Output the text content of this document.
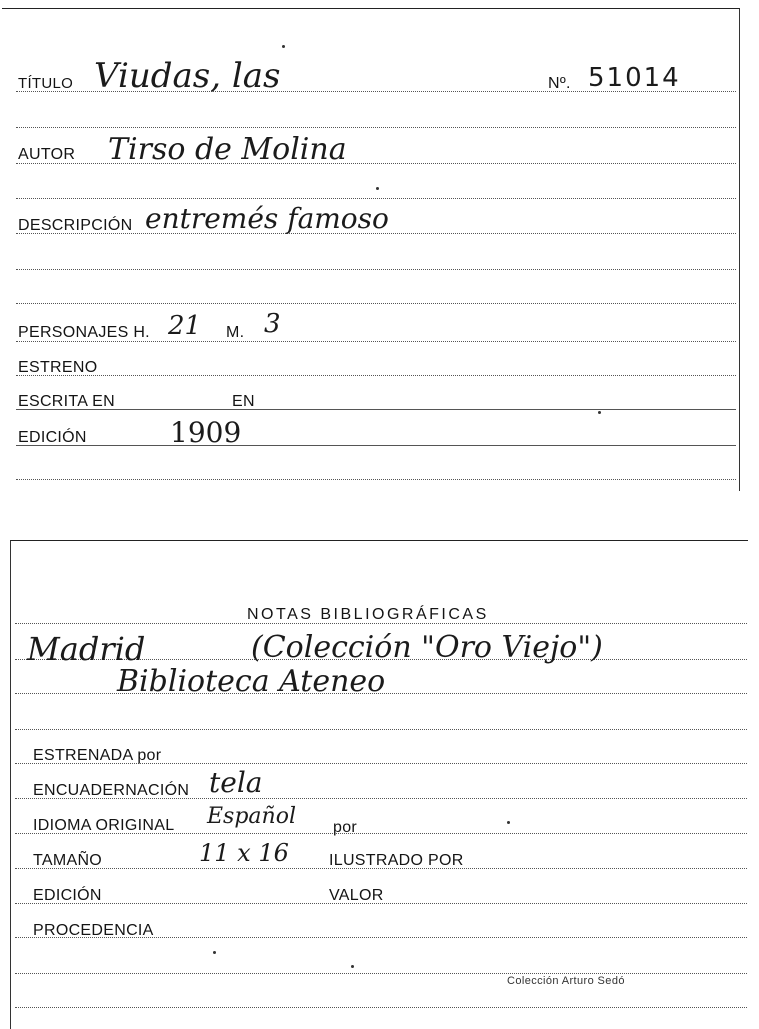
TÍTULO Viudas, las	Nº. 51014
AUTOR Tirso de Molina
DESCRIPCIÓN entremés famoso
PERSONAJES H. 21 M. 3
ESTRENO
ESCRITA EN	EN
EDICIÓN	1909
NOTAS BIBLIOGRÁFICAS
Madrid	(Colección "Oro Viejo")
Biblioteca Ateneo
ESTRENADA por
ENCUADERNACIÓN tela
IDIOMA ORIGINAL Español por
TAMAÑO	11 x 16	ILUSTRADO POR
EDICIÓN	VALOR
PROCEDENCIA
Colección Arturo Sedó
